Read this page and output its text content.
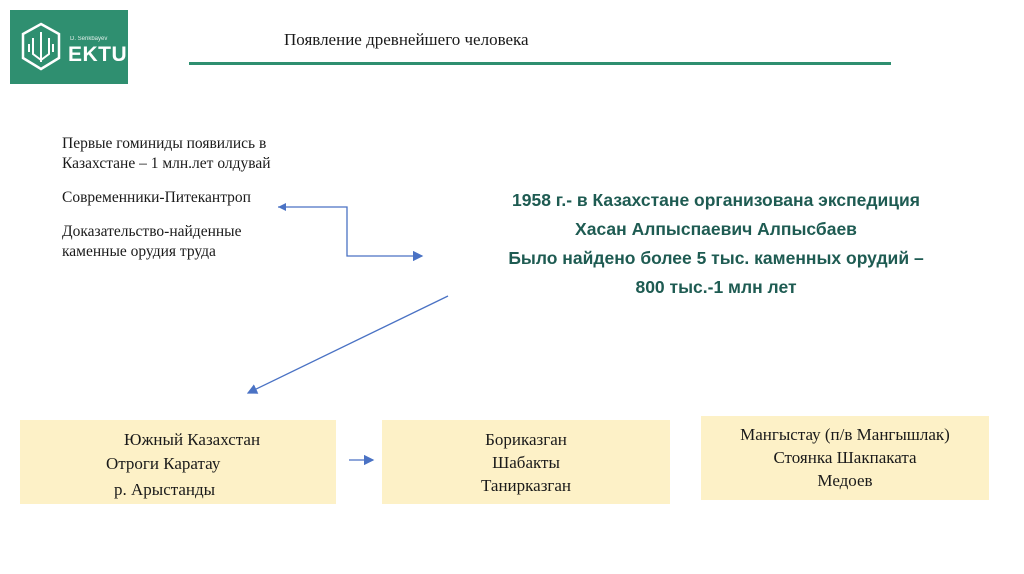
D. Serikbayev
EKTU
Появление древнейшего человека

Первые гоминиды появились в Казахстане – 1 млн.лет олдувай

Современники-Питекантроп

Доказательство-найденные каменные орудия труда

1958 г.- в Казахстане организована экспедиция
Хасан Алпыспаевич Алпысбаев
Было найдено более 5 тыс. каменных орудий –
800 тыс.-1 млн лет
Южный Казахстан
Отроги Каратау
р. Арыстанды
Бориказган
Шабакты
Танирказган
Мангыстау (п/в Мангышлак)
Стоянка Шакпаката
Медоев
